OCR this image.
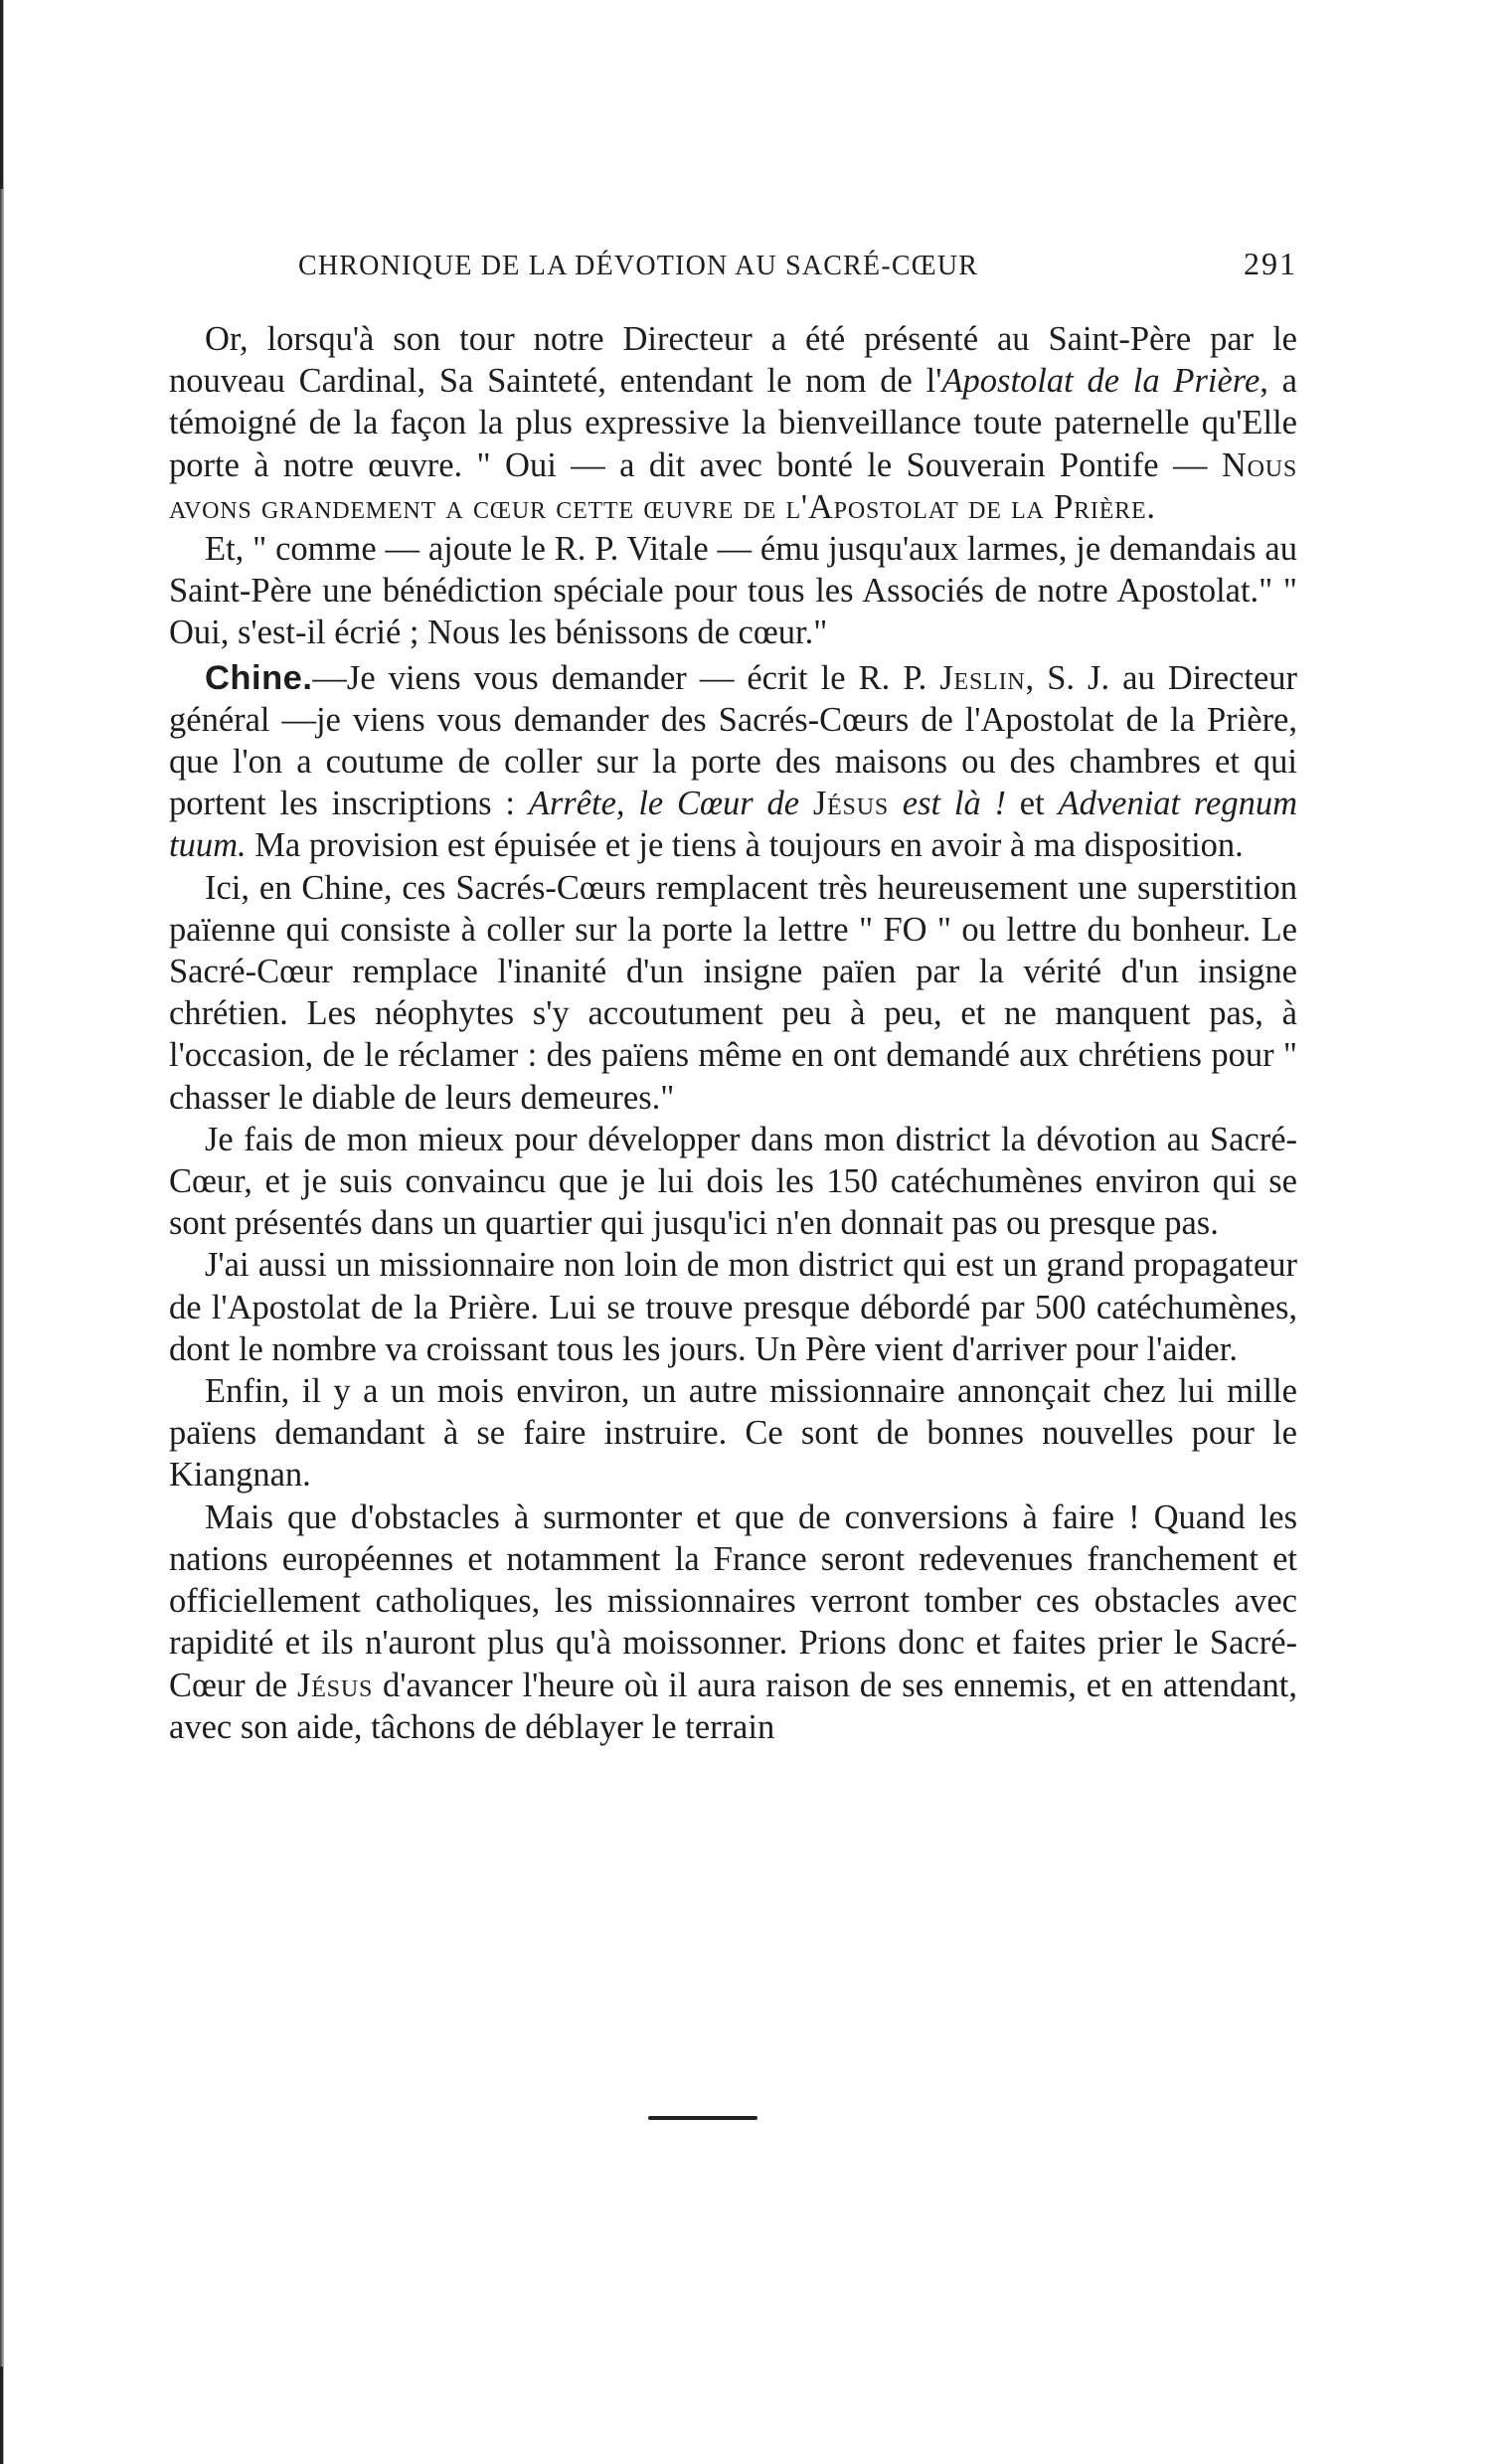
CHRONIQUE DE LA DÉVOTION AU SACRÉ-CŒUR	291

Or, lorsqu'à son tour notre Directeur a été présenté au Saint-Père par le nouveau Cardinal, Sa Sainteté, entendant le nom de l'Apostolat de la Prière, a témoigné de la façon la plus expressive la bienveillance toute paternelle qu'Elle porte à notre œuvre. " Oui — a dit avec bonté le Souverain Pontife — Nous avons grandement a cœur cette œuvre de l'Apostolat de la Prière.

Et, " comme — ajoute le R. P. Vitale — ému jusqu'aux larmes, je demandais au Saint-Père une bénédiction spéciale pour tous les Associés de notre Apostolat." " Oui, s'est-il écrié ; Nous les bénissons de cœur."

Chine.—Je viens vous demander — écrit le R. P. Jeslin, S. J. au Directeur général —je viens vous demander des Sacrés-Cœurs de l'Apostolat de la Prière, que l'on a coutume de coller sur la porte des maisons ou des chambres et qui portent les inscriptions : Arrête, le Cœur de Jésus est là ! et Adveniat regnum tuum. Ma provision est épuisée et je tiens à toujours en avoir à ma disposition.

Ici, en Chine, ces Sacrés-Cœurs remplacent très heureusement une superstition païenne qui consiste à coller sur la porte la lettre " FO " ou lettre du bonheur. Le Sacré-Cœur remplace l'inanité d'un insigne païen par la vérité d'un insigne chrétien. Les néophytes s'y accoutument peu à peu, et ne manquent pas, à l'occasion, de le réclamer : des païens même en ont demandé aux chrétiens pour " chasser le diable de leurs demeures."

Je fais de mon mieux pour développer dans mon district la dévotion au Sacré-Cœur, et je suis convaincu que je lui dois les 150 catéchumènes environ qui se sont présentés dans un quartier qui jusqu'ici n'en donnait pas ou presque pas.

J'ai aussi un missionnaire non loin de mon district qui est un grand propagateur de l'Apostolat de la Prière. Lui se trouve presque débordé par 500 catéchumènes, dont le nombre va croissant tous les jours. Un Père vient d'arriver pour l'aider.

Enfin, il y a un mois environ, un autre missionnaire annonçait chez lui mille païens demandant à se faire instruire. Ce sont de bonnes nouvelles pour le Kiangnan.

Mais que d'obstacles à surmonter et que de conversions à faire ! Quand les nations européennes et notamment la France seront redevenues franchement et officiellement catholiques, les missionnaires verront tomber ces obstacles avec rapidité et ils n'auront plus qu'à moissonner. Prions donc et faites prier le Sacré-Cœur de Jésus d'avancer l'heure où il aura raison de ses ennemis, et en attendant, avec son aide, tâchons de déblayer le terrain
